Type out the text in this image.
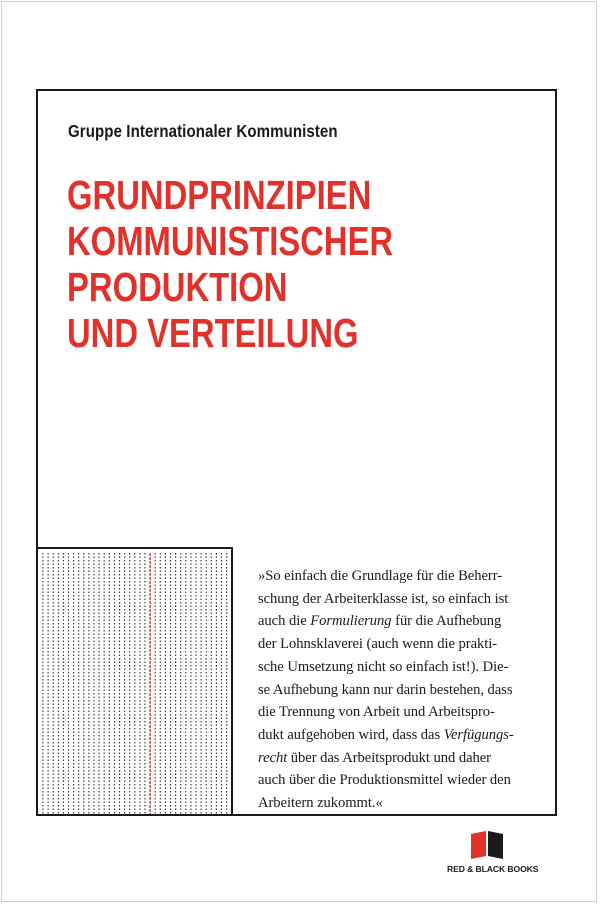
Gruppe Internationaler Kommunisten
GRUNDPRINZIPIEN
KOMMUNISTISCHER
PRODUKTION
UND VERTEILUNG
»So einfach die Grundlage für die Beherr-
schung der Arbeiterklasse ist, so einfach ist
auch die Formulierung für die Aufhebung
der Lohnsklaverei (auch wenn die prakti-
sche Umsetzung nicht so einfach ist!). Die-
se Aufhebung kann nur darin bestehen, dass
die Trennung von Arbeit und Arbeitspro-
dukt aufgehoben wird, dass das Verfügungs-
recht über das Arbeitsprodukt und daher
auch über die Produktionsmittel wieder den
Arbeitern zukommt.«
RED & BLACK BOOKS
